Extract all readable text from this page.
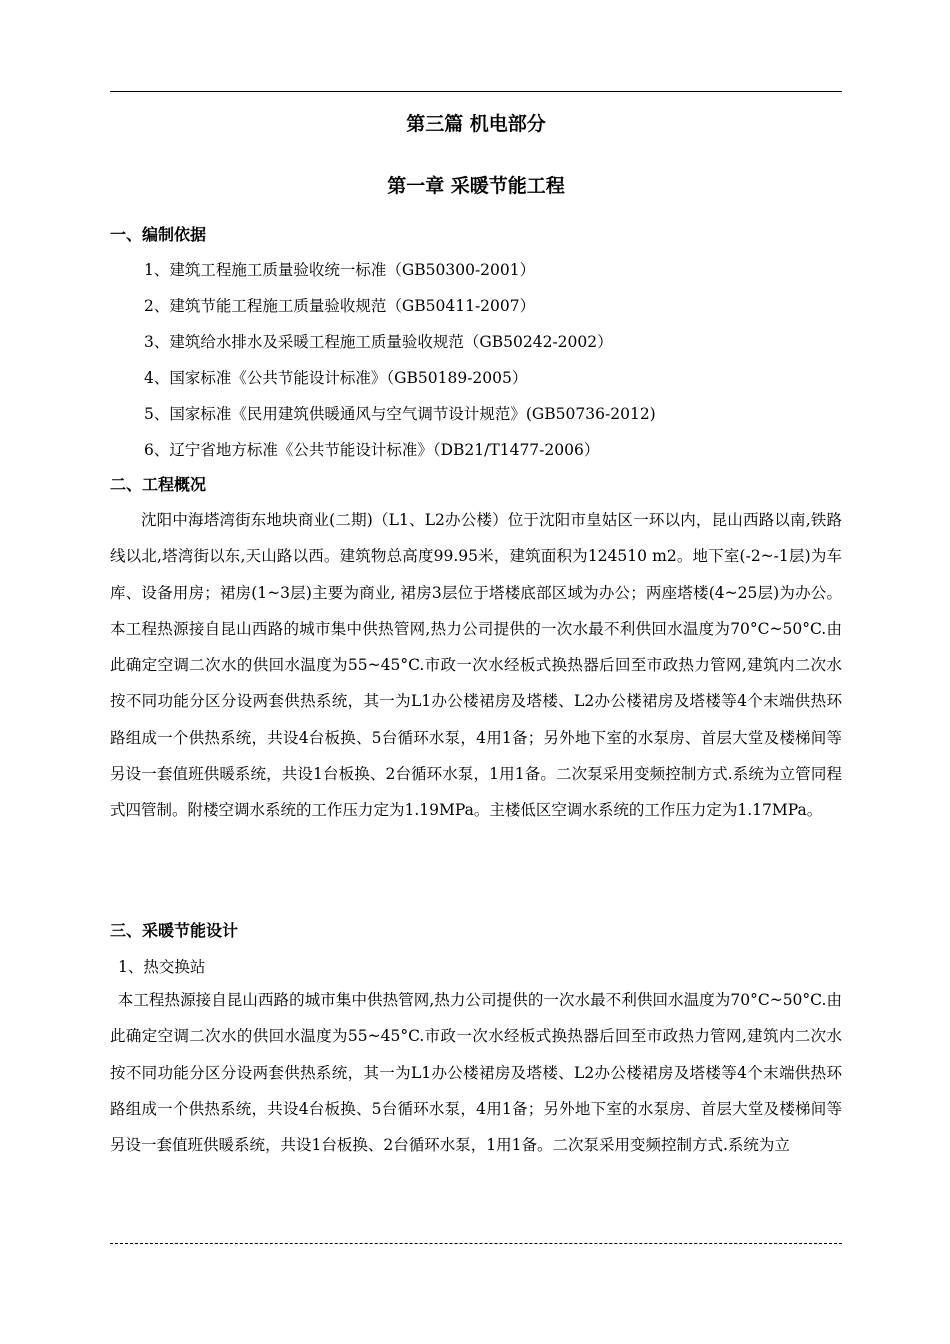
第三篇 机电部分
第一章 采暖节能工程
一、编制依据
1、建筑工程施工质量验收统一标准（GB50300-2001）
2、建筑节能工程施工质量验收规范（GB50411-2007）
3、建筑给水排水及采暖工程施工质量验收规范（GB50242-2002）
4、国家标准《公共节能设计标准》（GB50189-2005）
5、国家标准《民用建筑供暖通风与空气调节设计规范》(GB50736-2012)
6、辽宁省地方标准《公共节能设计标准》（DB21/T1477-2006）
二、工程概况

沈阳中海塔湾街东地块商业(二期)（L1、L2办公楼）位于沈阳市皇姑区一环以内，昆山西路以南,铁路线以北,塔湾街以东,天山路以西。建筑物总高度99.95米，建筑面积为124510 m2。地下室(-2~-1层)为车库、设备用房；裙房(1~3层)主要为商业, 裙房3层位于塔楼底部区域为办公；两座塔楼(4~25层)为办公。本工程热源接自昆山西路的城市集中供热管网,热力公司提供的一次水最不利供回水温度为70°C~50°C.由此确定空调二次水的供回水温度为55~45°C.市政一次水经板式换热器后回至市政热力管网,建筑内二次水按不同功能分区分设两套供热系统，其一为L1办公楼裙房及塔楼、L2办公楼裙房及塔楼等4个末端供热环路组成一个供热系统，共设4台板换、5台循环水泵，4用1备；另外地下室的水泵房、首层大堂及楼梯间等另设一套值班供暖系统，共设1台板换、2台循环水泵，1用1备。二次泵采用变频控制方式.系统为立管同程式四管制。附楼空调水系统的工作压力定为1.19MPa。主楼低区空调水系统的工作压力定为1.17MPa。

三、采暖节能设计
1、热交换站

本工程热源接自昆山西路的城市集中供热管网,热力公司提供的一次水最不利供回水温度为70°C~50°C.由此确定空调二次水的供回水温度为55~45°C.市政一次水经板式换热器后回至市政热力管网,建筑内二次水按不同功能分区分设两套供热系统，其一为L1办公楼裙房及塔楼、L2办公楼裙房及塔楼等4个末端供热环路组成一个供热系统，共设4台板换、5台循环水泵，4用1备；另外地下室的水泵房、首层大堂及楼梯间等另设一套值班供暖系统，共设1台板换、2台循环水泵，1用1备。二次泵采用变频控制方式.系统为立
